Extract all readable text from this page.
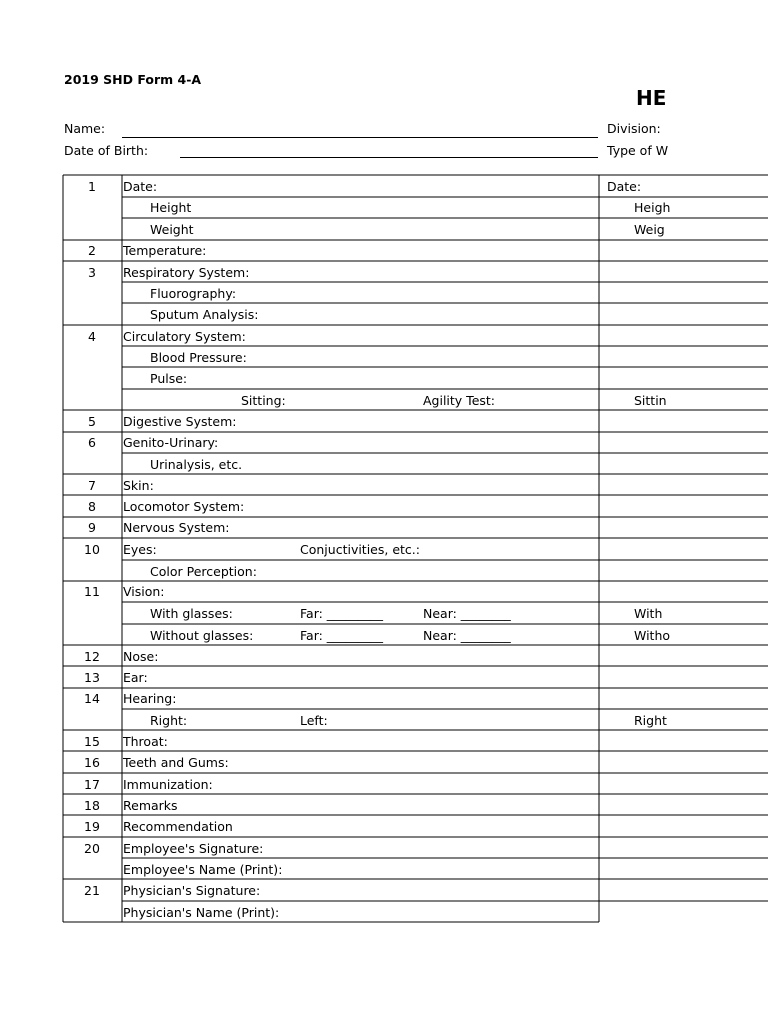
2019 SHD Form 4-A
HE
Name:	Division:
Date of Birth:	Type of W
1	Date:	Date:
Height	Heigh
Weight	Weig
2	Temperature:
3	Respiratory System:
Fluorography:
Sputum Analysis:
4	Circulatory System:
Blood Pressure:
Pulse:
Sitting:	Agility Test:	Sittin
5	Digestive System:
6	Genito-Urinary:
Urinalysis, etc.
7	Skin:
8	Locomotor System:
9	Nervous System:
10	Eyes:	Conjuctivities, etc.:
Color Perception:
11	Vision:
With glasses:	Far: _________	Near: ________	With
Without glasses:	Far: _________	Near: ________	Witho
12	Nose:
13	Ear:
14	Hearing:
Right:	Left:	Right
15	Throat:
16	Teeth and Gums:
17	Immunization:
18	Remarks
19	Recommendation
20	Employee's Signature:
Employee's Name (Print):
21	Physician's Signature:
Physician's Name (Print):
